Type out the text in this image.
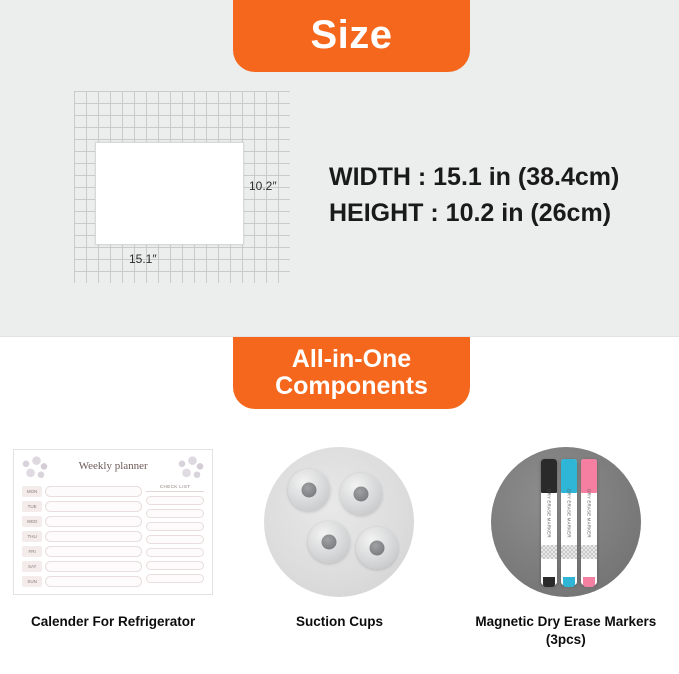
Size
10.2″
15.1″
WIDTH : 15.1 in (38.4cm)
HEIGHT : 10.2 in (26cm)
All-in-One
Components
Weekly planner
MON
TUE
WED
THU
FRI
SAT
SUN
CHECK LIST
Calender For Refrigerator	Suction Cups
DRY ERASE MARKER	DRY ERASE MARKER	DRY ERASE MARKER
Magnetic Dry Erase Markers (3pcs)
